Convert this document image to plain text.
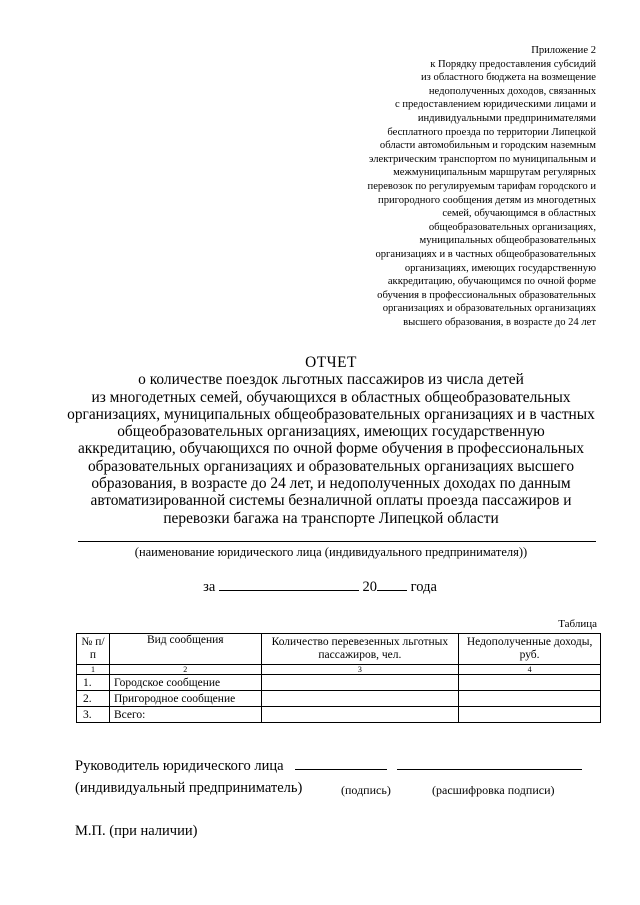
Приложение 2
к Порядку предоставления субсидий
из областного бюджета на возмещение
недополученных доходов, связанных
с предоставлением юридическими лицами и
индивидуальными предпринимателями
бесплатного проезда по территории Липецкой
области автомобильным и городским наземным
электрическим транспортом по муниципальным и
межмуниципальным маршрутам регулярных
перевозок по регулируемым тарифам городского и
пригородного сообщения детям из многодетных
семей, обучающимся в областных
общеобразовательных организациях,
муниципальных общеобразовательных
организациях и в частных общеобразовательных
организациях, имеющих государственную
аккредитацию, обучающимся по очной форме
обучения в профессиональных образовательных
организациях и образовательных организациях
высшего образования, в возрасте до 24 лет
ОТЧЕТ
о количестве поездок льготных пассажиров из числа детей
из многодетных семей, обучающихся в областных общеобразовательных
организациях, муниципальных общеобразовательных организациях и в частных
общеобразовательных организациях, имеющих государственную
аккредитацию, обучающихся по очной форме обучения в профессиональных
образовательных организациях и образовательных организациях высшего
образования, в возрасте до 24 лет, и недополученных доходах по данным
автоматизированной системы безналичной оплаты проезда пассажиров и
перевозки багажа на транспорте Липецкой области
(наименование юридического лица (индивидуального предпринимателя))
за	20 года
Таблица
№ п/п	Вид сообщения	Количество перевезенных льготных пассажиров, чел.	Недополученные доходы, руб.
1	2	3	4
1.	Городское сообщение		
2.	Пригородное сообщение		
3.	Всего:		
Руководитель юридического лица
(индивидуальный предприниматель)	(подпись)	(расшифровка подписи)
М.П. (при наличии)
